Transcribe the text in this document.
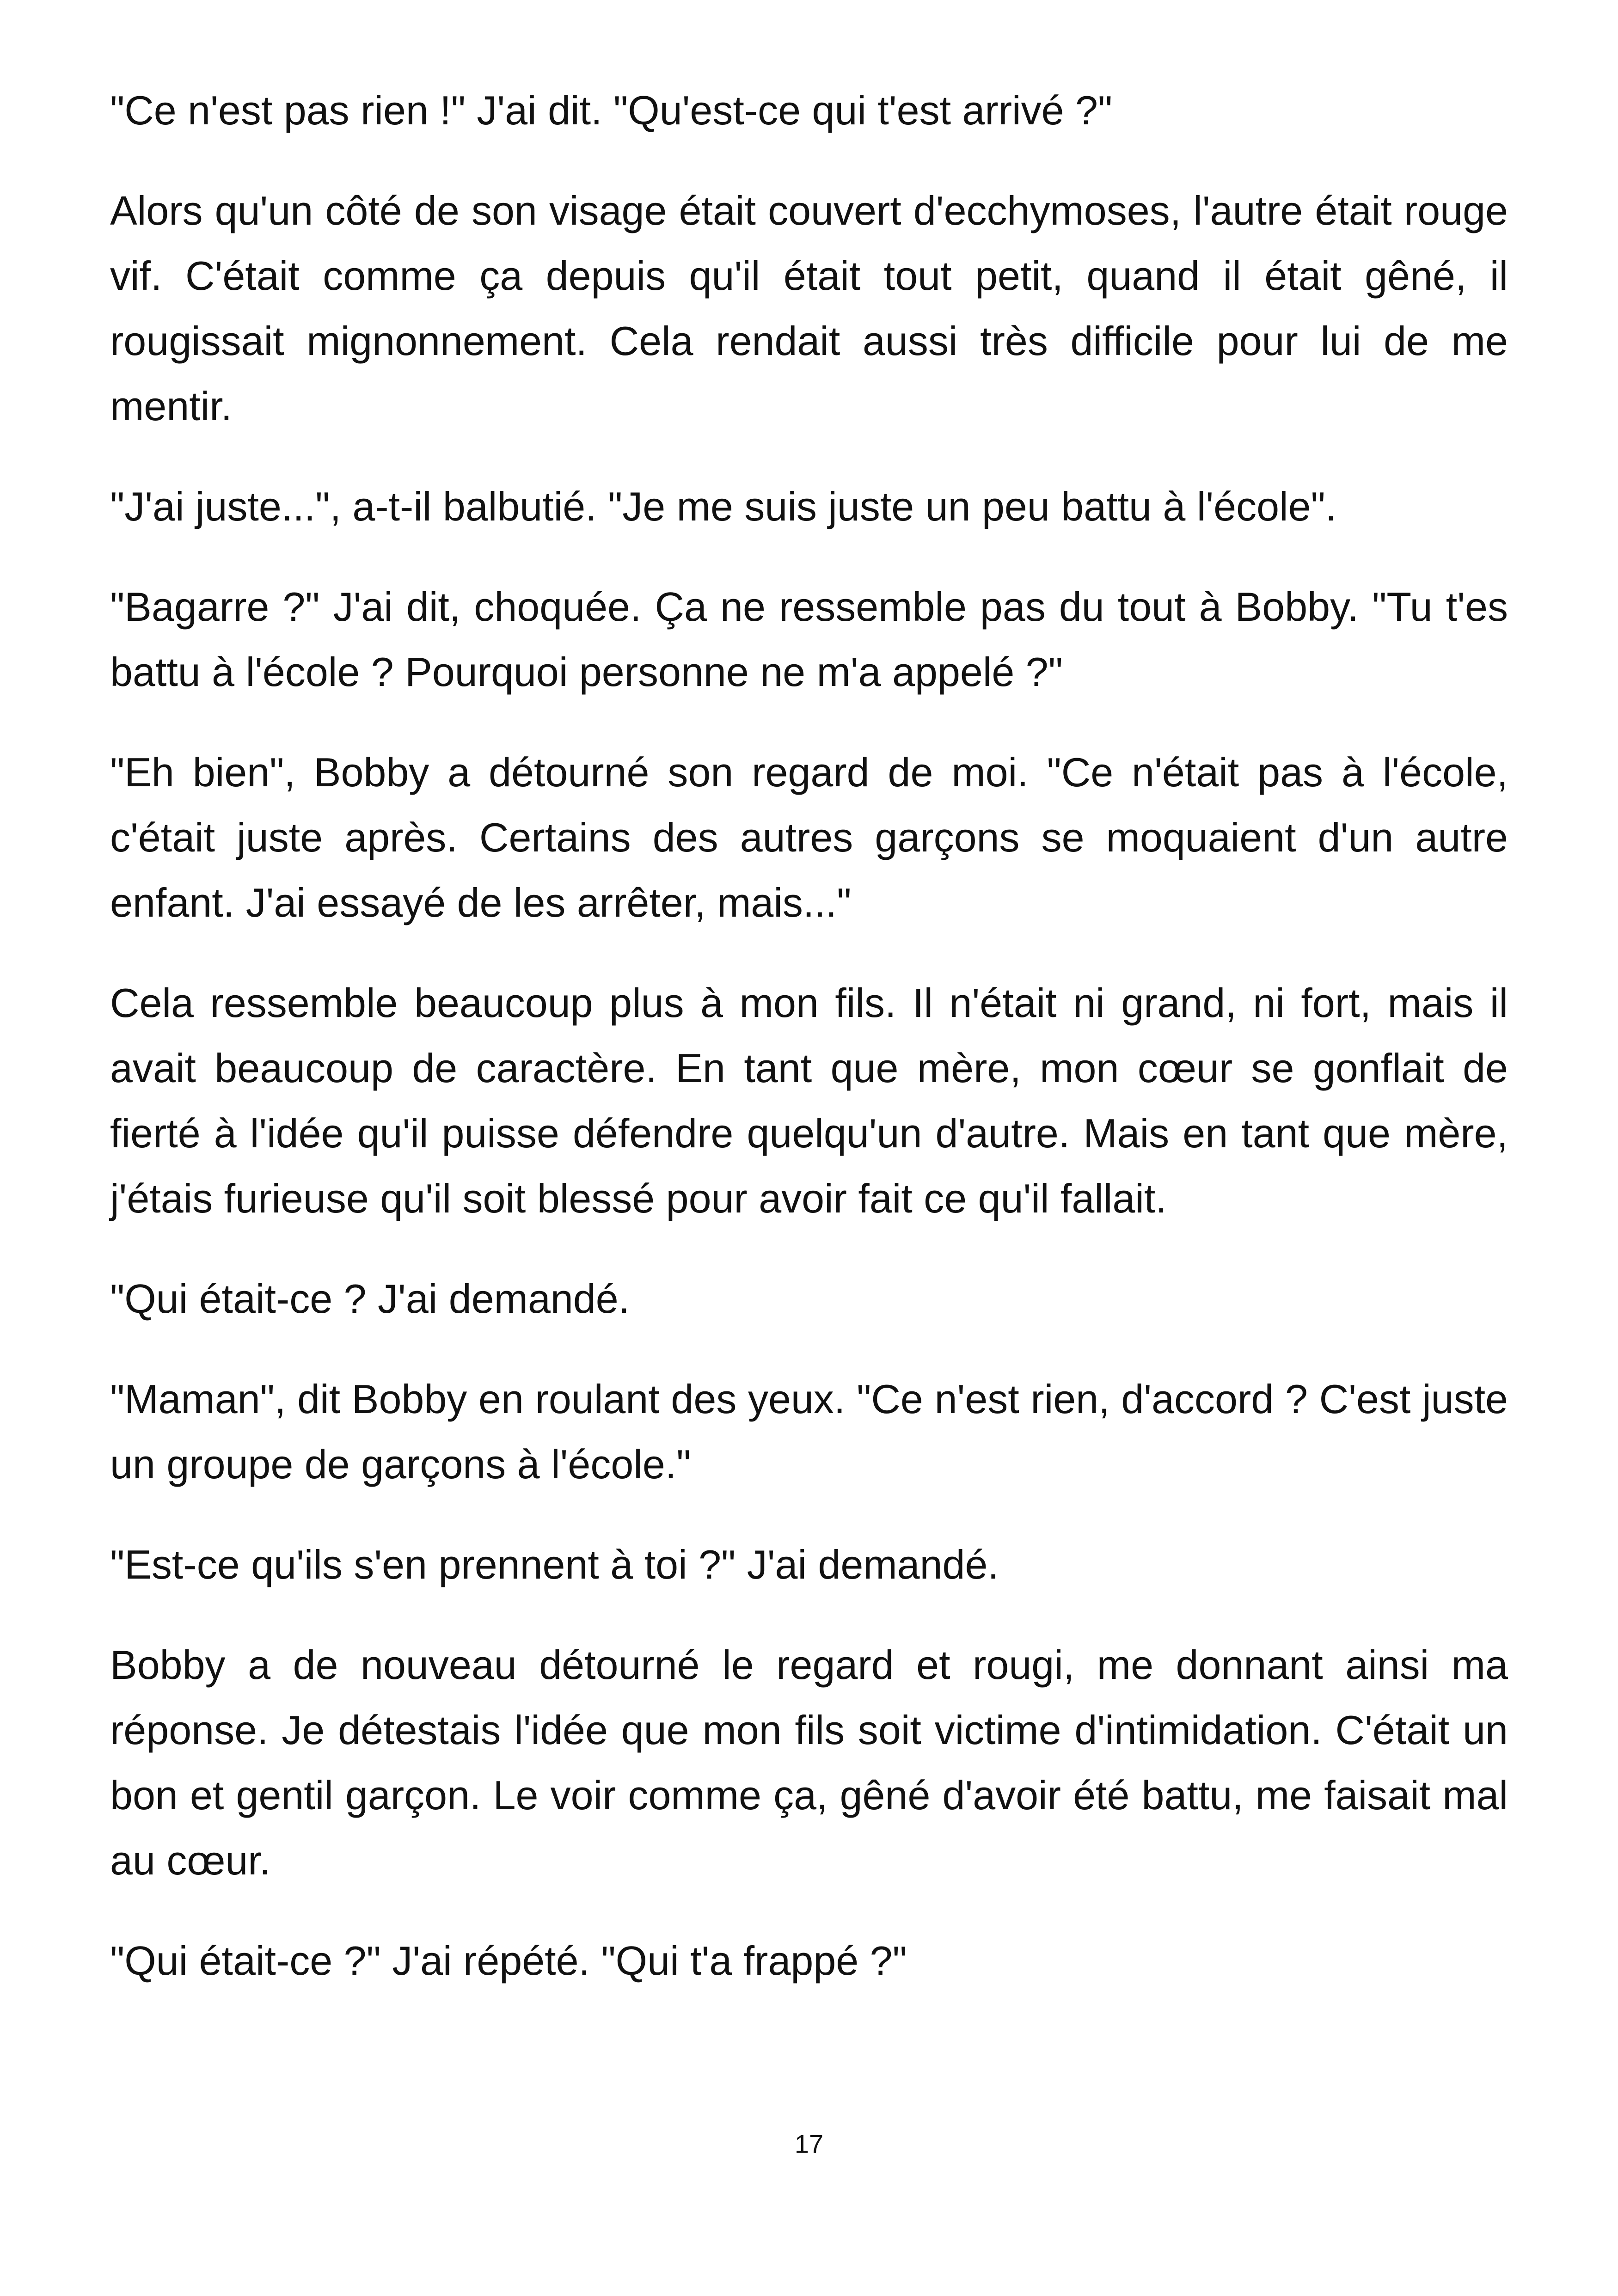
"Ce n'est pas rien !" J'ai dit. "Qu'est-ce qui t'est arrivé ?"

Alors qu'un côté de son visage était couvert d'ecchymoses, l'autre était rouge vif. C'était comme ça depuis qu'il était tout petit, quand il était gêné, il rougissait mignonnement. Cela rendait aussi très difficile pour lui de me mentir.

"J'ai juste...", a-t-il balbutié. "Je me suis juste un peu battu à l'école".

"Bagarre ?" J'ai dit, choquée. Ça ne ressemble pas du tout à Bobby. "Tu t'es battu à l'école ? Pourquoi personne ne m'a appelé ?"

"Eh bien", Bobby a détourné son regard de moi. "Ce n'était pas à l'école, c'était juste après. Certains des autres garçons se moquaient d'un autre enfant. J'ai essayé de les arrêter, mais..."

Cela ressemble beaucoup plus à mon fils. Il n'était ni grand, ni fort, mais il avait beaucoup de caractère. En tant que mère, mon cœur se gonflait de fierté à l'idée qu'il puisse défendre quelqu'un d'autre. Mais en tant que mère, j'étais furieuse qu'il soit blessé pour avoir fait ce qu'il fallait.

"Qui était-ce ? J'ai demandé.

"Maman", dit Bobby en roulant des yeux. "Ce n'est rien, d'accord ? C'est juste un groupe de garçons à l'école."

"Est-ce qu'ils s'en prennent à toi ?" J'ai demandé.

Bobby a de nouveau détourné le regard et rougi, me donnant ainsi ma réponse. Je détestais l'idée que mon fils soit victime d'intimidation. C'était un bon et gentil garçon. Le voir comme ça, gêné d'avoir été battu, me faisait mal au cœur.

"Qui était-ce ?" J'ai répété. "Qui t'a frappé ?"

17
